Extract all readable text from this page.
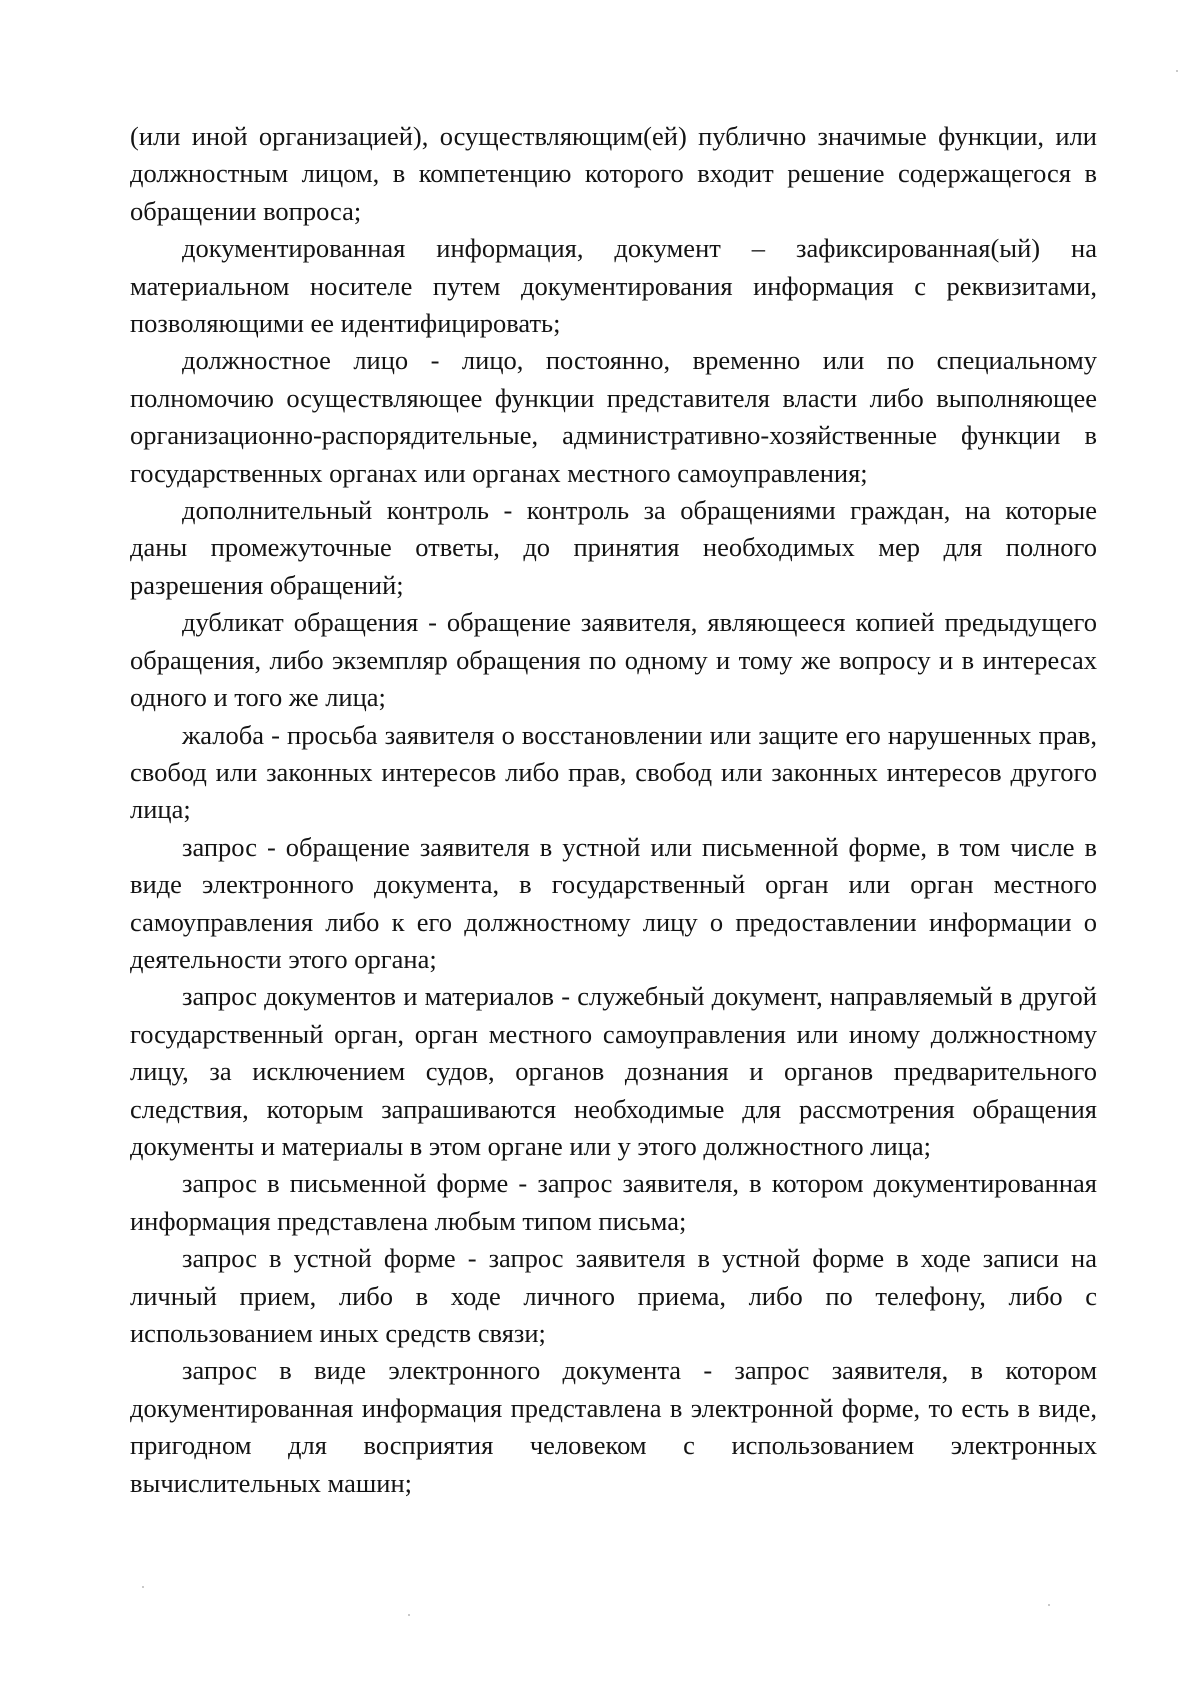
(или иной организацией), осуществляющим(ей) публично значимые функции, или должностным лицом, в компетенцию которого входит решение содержащегося в обращении вопроса;

документированная информация, документ – зафиксированная(ый) на материальном носителе путем документирования информация с реквизитами, позволяющими ее идентифицировать;

должностное лицо - лицо, постоянно, временно или по специальному полномочию осуществляющее функции представителя власти либо выполняющее организационно-распорядительные, административно-хозяйственные функции в государственных органах или органах местного самоуправления;

дополнительный контроль - контроль за обращениями граждан, на которые даны промежуточные ответы, до принятия необходимых мер для полного разрешения обращений;

дубликат обращения - обращение заявителя, являющееся копией предыдущего обращения, либо экземпляр обращения по одному и тому же вопросу и в интересах одного и того же лица;

жалоба - просьба заявителя о восстановлении или защите его нарушенных прав, свобод или законных интересов либо прав, свобод или законных интересов другого лица;

запрос - обращение заявителя в устной или письменной форме, в том числе в виде электронного документа, в государственный орган или орган местного самоуправления либо к его должностному лицу о предоставлении информации о деятельности этого органа;

запрос документов и материалов - служебный документ, направляемый в другой государственный орган, орган местного самоуправления или иному должностному лицу, за исключением судов, органов дознания и органов предварительного следствия, которым запрашиваются необходимые для рассмотрения обращения документы и материалы в этом органе или у этого должностного лица;

запрос в письменной форме - запрос заявителя, в котором документированная информация представлена любым типом письма;

запрос в устной форме - запрос заявителя в устной форме в ходе записи на личный прием, либо в ходе личного приема, либо по телефону, либо с использованием иных средств связи;

запрос в виде электронного документа - запрос заявителя, в котором документированная информация представлена в электронной форме, то есть в виде, пригодном для восприятия человеком с использованием электронных вычислительных машин;
